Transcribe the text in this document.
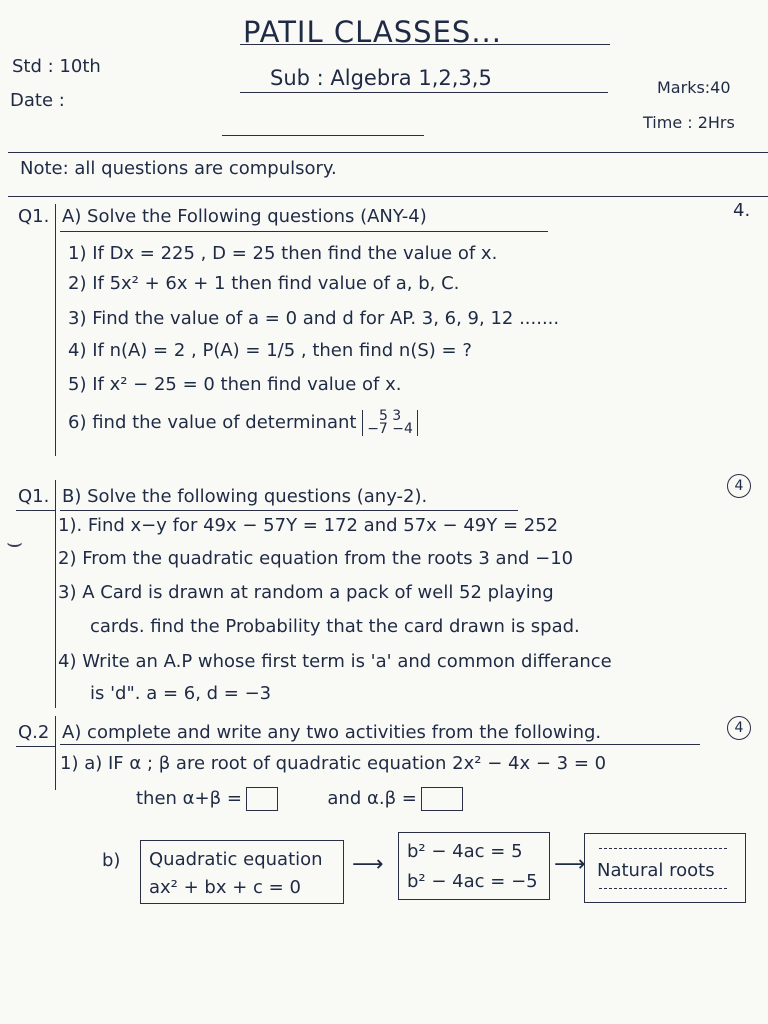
PATIL CLASSES...
Std : 10th
Date :
Sub : Algebra 1,2,3,5	Marks:40
Time : 2Hrs
Note: all questions are compulsory.
Q1. A) Solve the Following questions (ANY-4)	4.
1) If Dx = 225 , D = 25 then find the value of x.
2) If 5x² + 6x + 1 then find value of a, b, C.
3) Find the value of a = 0 and d for AP. 3, 6, 9, 12 .......
4) If n(A) = 2 , P(A) = 1/5 , then find n(S) = ?
5) If x² − 25 = 0 then find value of x.
6) find the value of determinant 5 3
−7 −4
Q1. B) Solve the following questions (any-2).	4
⌣
1). Find x−y for 49x − 57Y = 172 and 57x − 49Y = 252
2) From the quadratic equation from the roots 3 and −10
3) A Card is drawn at random a pack of well 52 playing
cards. find the Probability that the card drawn is spad.
4) Write an A.P whose first term is 'a' and common differance
is 'd". a = 6, d = −3
Q.2 A) complete and write any two activities from the following.	4
1) a) IF α ; β are root of quadratic equation 2x² − 4x − 3 = 0
then α+β =	and α.β =
b) Quadratic equation
ax² + bx + c = 0
⟶
b² − 4ac = 5
b² − 4ac = −5
⟶ Natural roots
